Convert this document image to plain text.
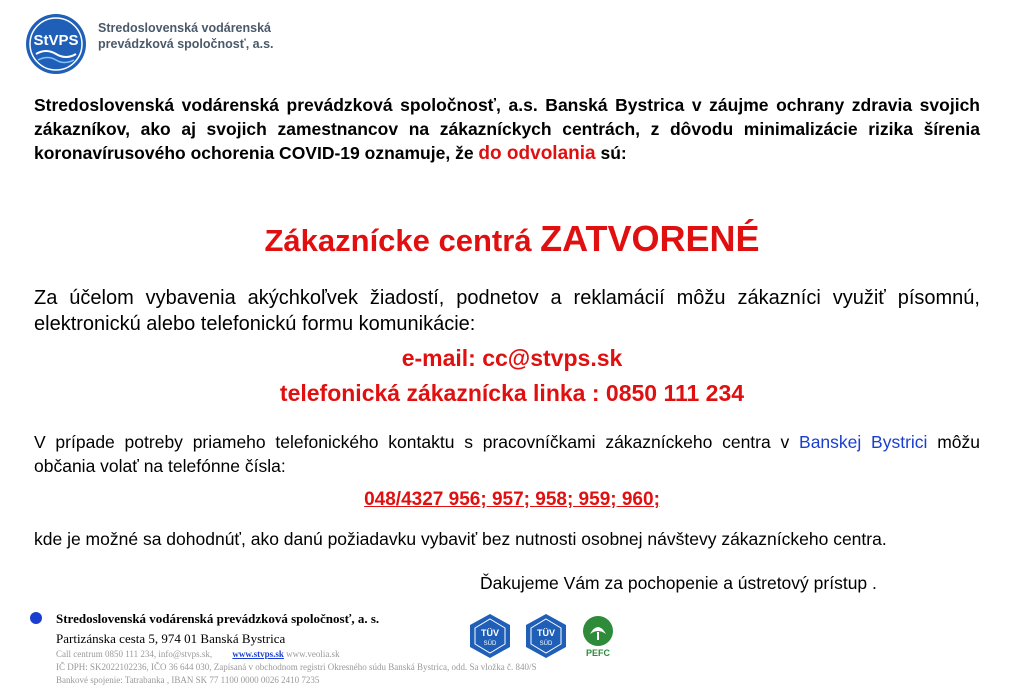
StVPS
Stredoslovenská vodárenská
prevádzková spoločnosť, a.s.
Stredoslovenská vodárenská prevádzková spoločnosť, a.s. Banská Bystrica v záujme ochrany zdravia svojich zákazníkov, ako aj svojich zamestnancov na zákazníckych centrách, z dôvodu minimalizácie rizika šírenia koronavírusového ochorenia COVID-19 oznamuje, že do odvolania sú:
Zákaznícke centrá ZATVORENÉ
Za účelom vybavenia akýchkoľvek žiadostí, podnetov a reklamácií môžu zákazníci využiť písomnú, elektronickú alebo telefonickú formu komunikácie:
e-mail: cc@stvps.sk
telefonická zákaznícka linka : 0850 111 234
V prípade potreby priameho telefonického kontaktu s pracovníčkami zákazníckeho centra v Banskej Bystrici môžu občania volať na telefónne čísla:
048/4327 956; 957; 958; 959; 960;
kde je možné sa dohodnúť, ako danú požiadavku vybaviť bez nutnosti osobnej návštevy zákazníckeho centra.
Ďakujeme Vám za pochopenie a ústretový prístup .
Stredoslovenská vodárenská prevádzková spoločnosť, a. s.
Partizánska cesta 5, 974 01 Banská Bystrica
Call centrum 0850 111 234, info@stvps.sk, www.stvps.sk www.veolia.sk
IČ DPH: SK2022102236, IČO 36 644 030, Zapísaná v obchodnom registri Okresného súdu Banská Bystrica, odd. Sa vložka č. 840/S
Bankové spojenie: Tatrabanka , IBAN SK 77 1100 0000 0026 2410 7235
TÜV
SÜD
TÜV
SÜD
PEFC
